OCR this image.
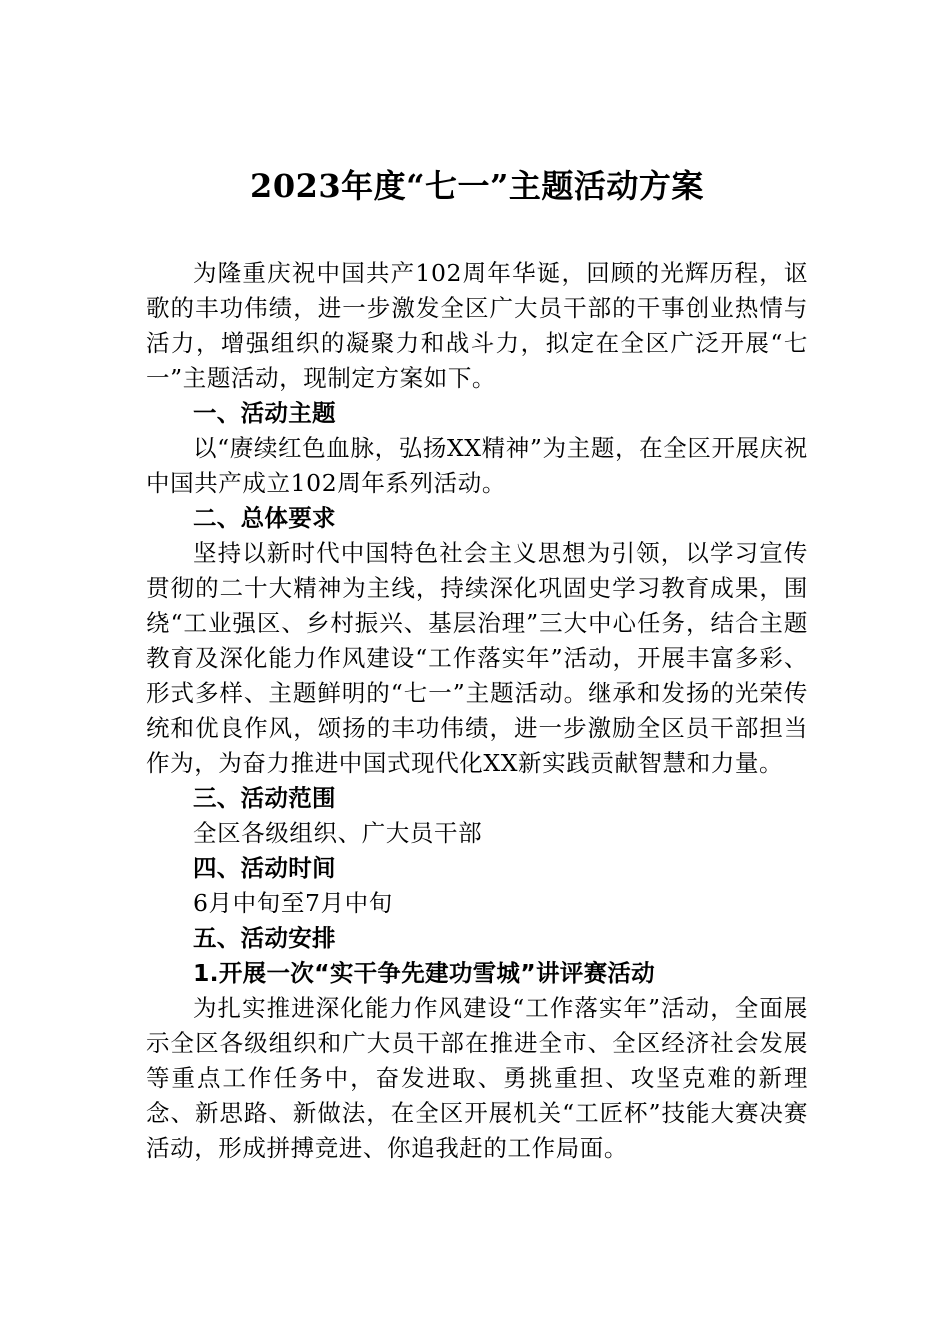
2023年度“七一”主题活动方案

为隆重庆祝中国共产102周年华诞，回顾的光辉历程，讴歌的丰功伟绩，进一步激发全区广大员干部的干事创业热情与活力，增强组织的凝聚力和战斗力，拟定在全区广泛开展“七一”主题活动，现制定方案如下。

一、活动主题

以“赓续红色血脉，弘扬XX精神”为主题，在全区开展庆祝中国共产成立102周年系列活动。

二、总体要求

坚持以新时代中国特色社会主义思想为引领，以学习宣传贯彻的二十大精神为主线，持续深化巩固史学习教育成果，围绕“工业强区、乡村振兴、基层治理”三大中心任务，结合主题教育及深化能力作风建设“工作落实年”活动，开展丰富多彩、形式多样、主题鲜明的“七一”主题活动。继承和发扬的光荣传统和优良作风，颂扬的丰功伟绩，进一步激励全区员干部担当作为，为奋力推进中国式现代化XX新实践贡献智慧和力量。

三、活动范围

全区各级组织、广大员干部

四、活动时间

6月中旬至7月中旬

五、活动安排

1.开展一次“实干争先建功雪城”讲评赛活动

为扎实推进深化能力作风建设“工作落实年”活动，全面展示全区各级组织和广大员干部在推进全市、全区经济社会发展等重点工作任务中，奋发进取、勇挑重担、攻坚克难的新理念、新思路、新做法，在全区开展机关“工匠杯”技能大赛决赛活动，形成拼搏竞进、你追我赶的工作局面。
